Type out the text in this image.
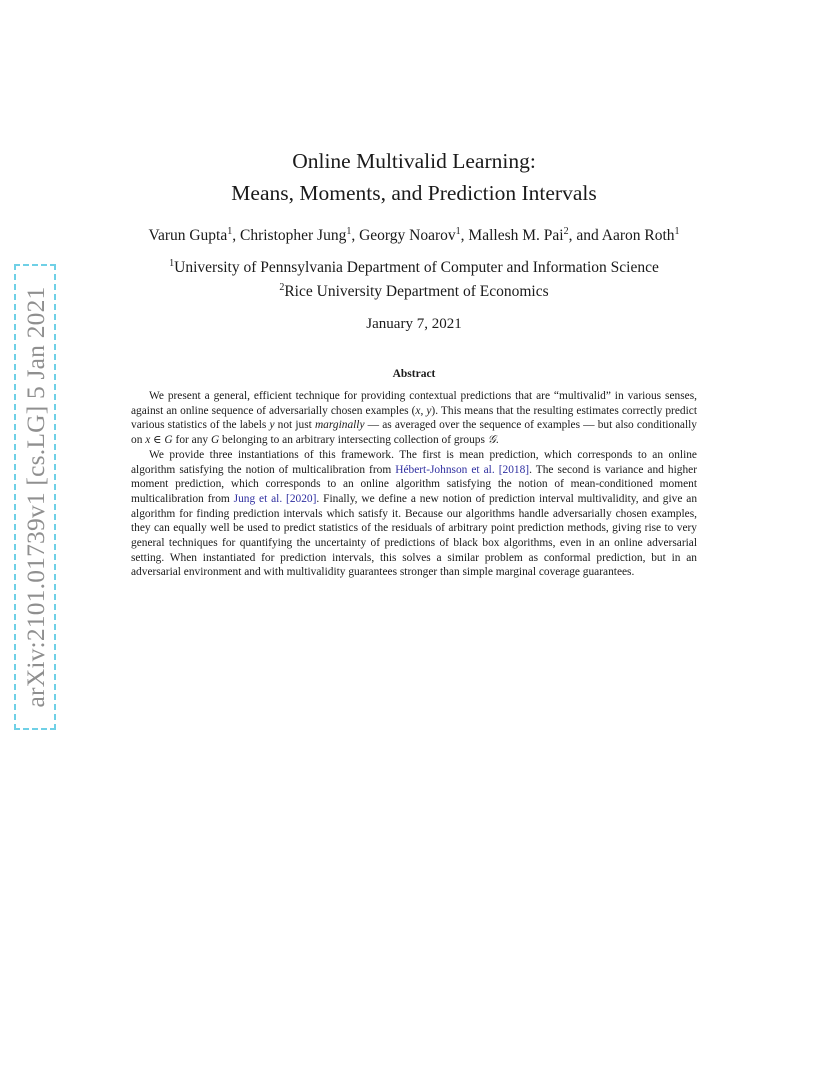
arXiv:2101.01739v1 [cs.LG] 5 Jan 2021
Online Multivalid Learning:
Means, Moments, and Prediction Intervals
Varun Gupta$^1$, Christopher Jung$^1$, Georgy Noarov$^1$, Mallesh M. Pai$^2$, and Aaron Roth$^1$
$^1$University of Pennsylvania Department of Computer and Information Science
$^2$Rice University Department of Economics
January 7, 2021
Abstract

We present a general, efficient technique for providing contextual predictions that are “multivalid” in various senses, against an online sequence of adversarially chosen examples (x, y). This means that the resulting estimates correctly predict various statistics of the labels y not just marginally — as averaged over the sequence of examples — but also conditionally on x ∈ G for any G belonging to an arbitrary intersecting collection of groups 𝒢.

We provide three instantiations of this framework. The first is mean prediction, which corresponds to an online algorithm satisfying the notion of multicalibration from Hébert-Johnson et al. [2018]. The second is variance and higher moment prediction, which corresponds to an online algorithm satisfying the notion of mean-conditioned moment multicalibration from Jung et al. [2020]. Finally, we define a new notion of prediction interval multivalidity, and give an algorithm for finding prediction intervals which satisfy it. Because our algorithms handle adversarially chosen examples, they can equally well be used to predict statistics of the residuals of arbitrary point prediction methods, giving rise to very general techniques for quantifying the uncertainty of predictions of black box algorithms, even in an online adversarial setting. When instantiated for prediction intervals, this solves a similar problem as conformal prediction, but in an adversarial environment and with multivalidity guarantees stronger than simple marginal coverage guarantees.
